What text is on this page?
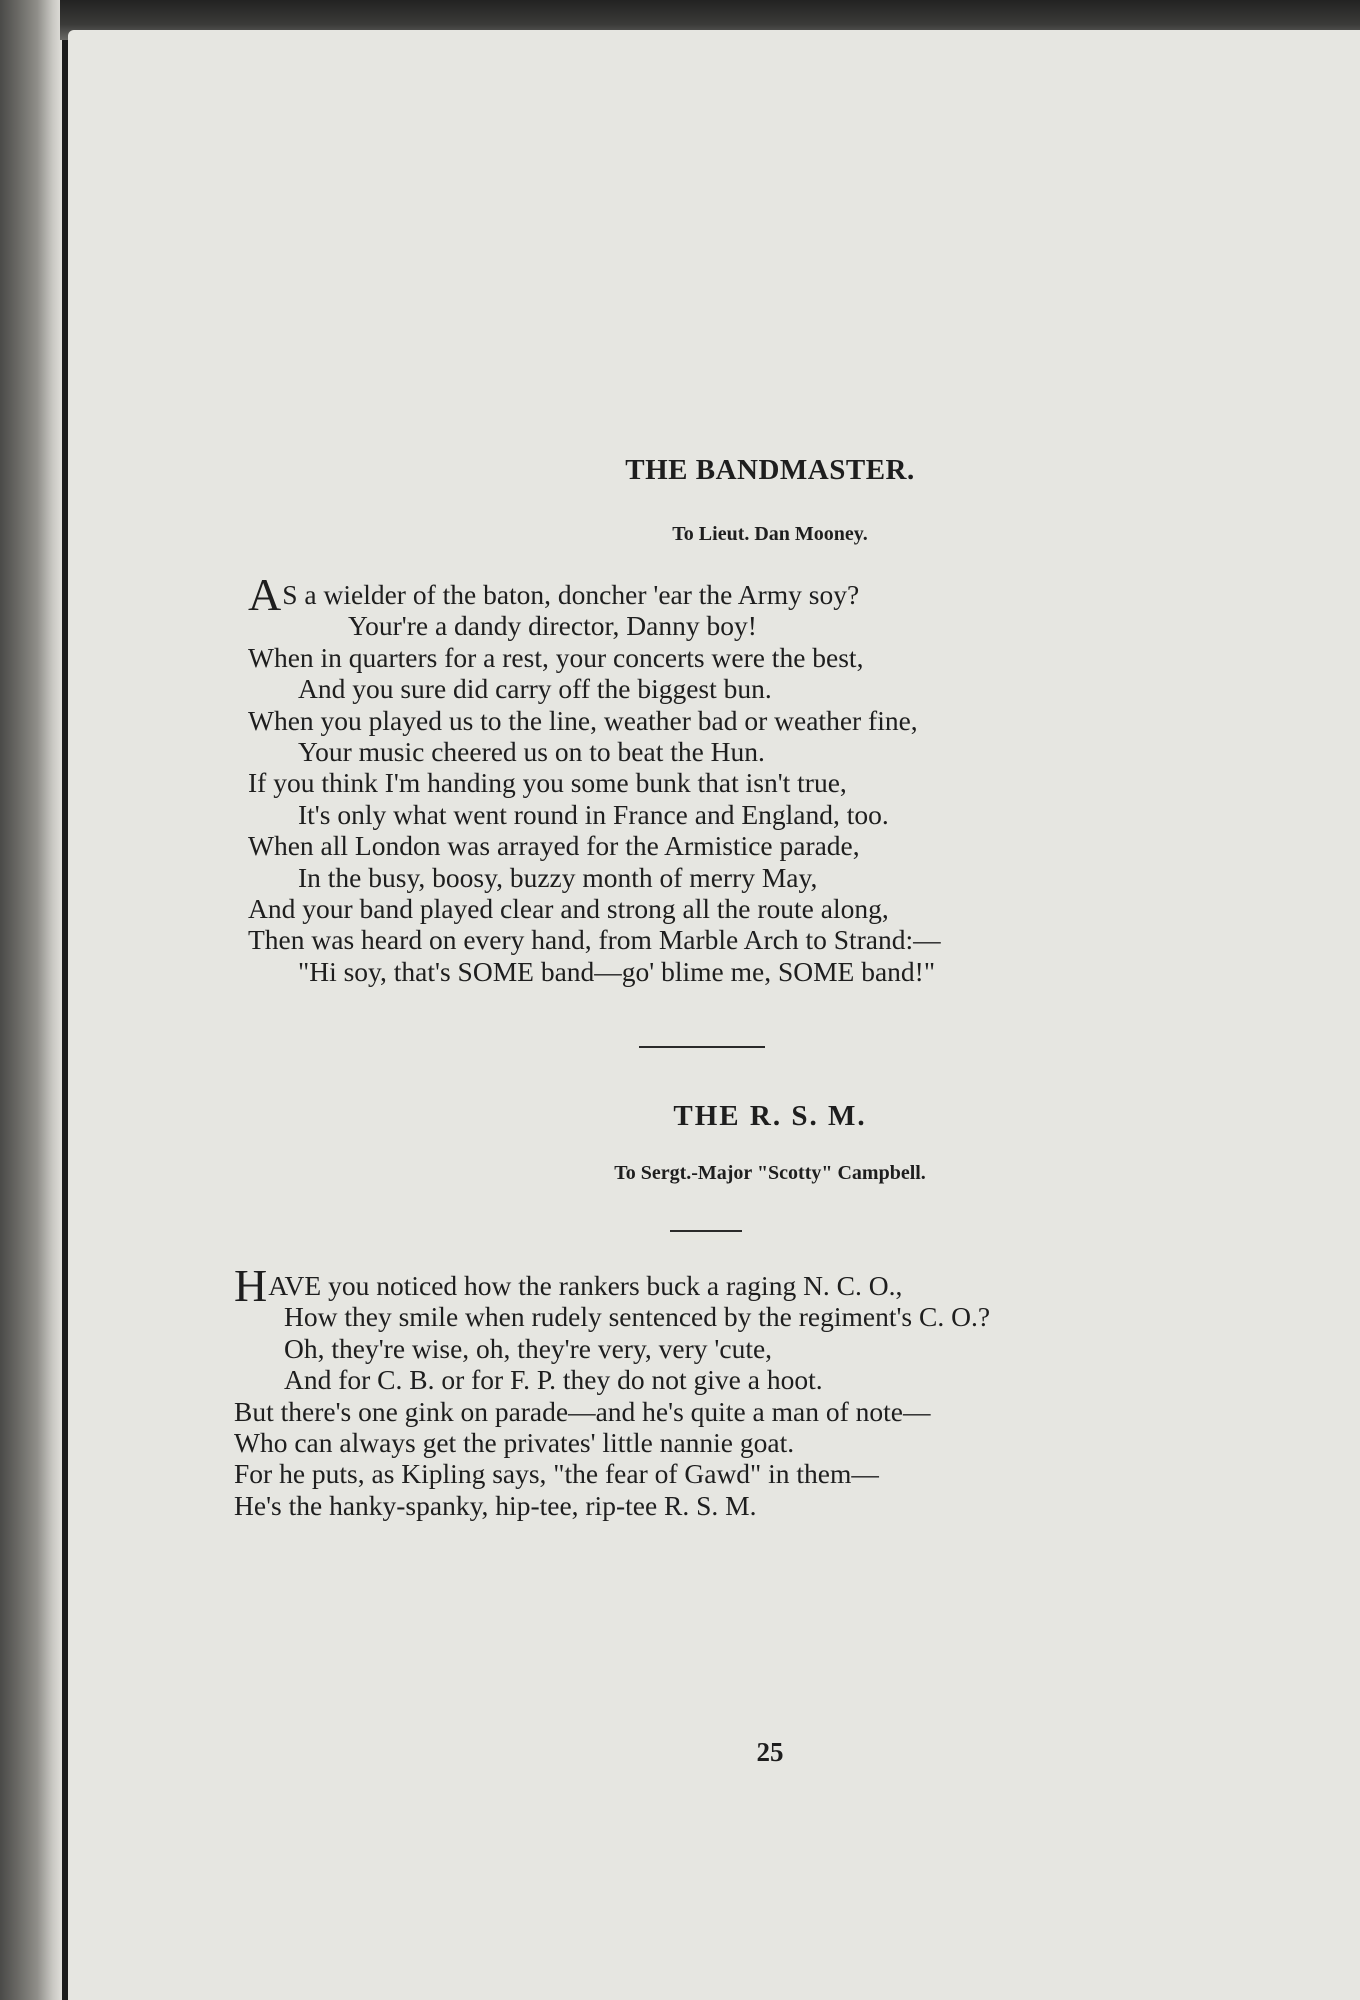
THE BANDMASTER.

To Lieut. Dan Mooney.

AS a wielder of the baton, doncher 'ear the Army soy?
Your're a dandy director, Danny boy!
When in quarters for a rest, your concerts were the best,
And you sure did carry off the biggest bun.
When you played us to the line, weather bad or weather fine,
Your music cheered us on to beat the Hun.
If you think I'm handing you some bunk that isn't true,
It's only what went round in France and England, too.
When all London was arrayed for the Armistice parade,
In the busy, boosy, buzzy month of merry May,
And your band played clear and strong all the route along,
Then was heard on every hand, from Marble Arch to Strand:—
"Hi soy, that's SOME band—go' blime me, SOME band!"
THE R. S. M.

To Sergt.-Major "Scotty" Campbell.

HAVE you noticed how the rankers buck a raging N. C. O.,
How they smile when rudely sentenced by the regiment's C. O.?
Oh, they're wise, oh, they're very, very 'cute,
And for C. B. or for F. P. they do not give a hoot.
But there's one gink on parade—and he's quite a man of note—
Who can always get the privates' little nannie goat.
For he puts, as Kipling says, "the fear of Gawd" in them—
He's the hanky-spanky, hip-tee, rip-tee R. S. M.

25
